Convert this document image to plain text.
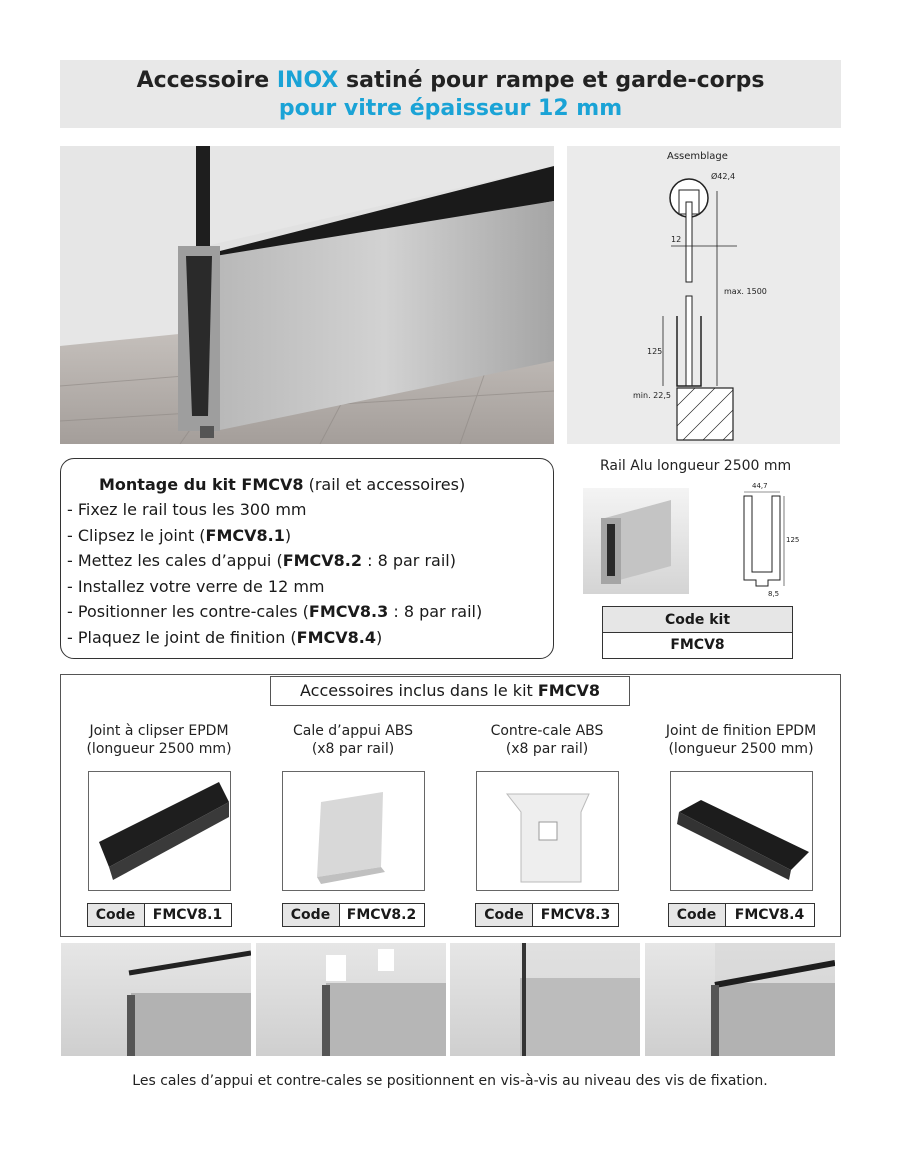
Accessoire INOX satiné pour rampe et garde-corps
pour vitre épaisseur 12 mm
Assemblage
12
Ø42,4
max. 1500
125
min. 22,5
Montage du kit FMCV8 (rail et accessoires)
- Fixez le rail tous les 300 mm
- Clipsez le joint (FMCV8.1)
- Mettez les cales d’appui (FMCV8.2 : 8 par rail)
- Installez votre verre de 12 mm
- Positionner les contre-cales (FMCV8.3 : 8 par rail)
- Plaquez le joint de finition (FMCV8.4)
Rail Alu longueur 2500 mm
44,7
125
8,5
Code kit
FMCV8
Accessoires inclus dans le kit FMCV8
Joint à clipser EPDM
(longueur 2500 mm)
Code	FMCV8.1
Cale d’appui ABS
(x8 par rail)
Code	FMCV8.2
Contre-cale ABS
(x8 par rail)
Code	FMCV8.3
Joint de finition EPDM
(longueur 2500 mm)
Code	FMCV8.4
Les cales d’appui et contre-cales se positionnent en vis-à-vis au niveau des vis de fixation.
